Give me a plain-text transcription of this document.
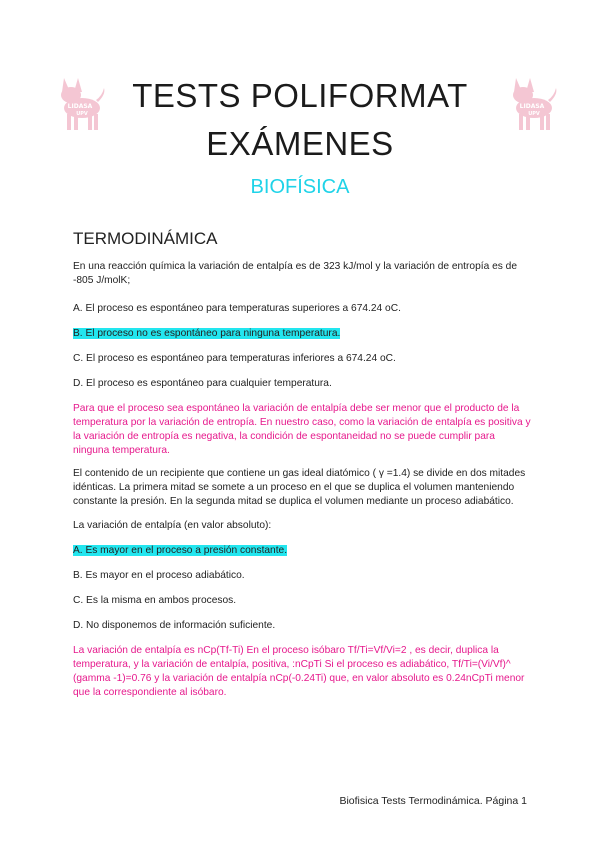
LIDASA
UPV
LIDASA
UPV
TESTS POLIFORMAT
EXÁMENES
BIOFÍSICA
TERMODINÁMICA

En una reacción química la variación de entalpía es de 323 kJ/mol y la variación de entropía es de -805 J/molK;

A. El proceso es espontáneo para temperaturas superiores a 674.24 oC.

B. El proceso no es espontáneo para ninguna temperatura.

C. El proceso es espontáneo para temperaturas inferiores a 674.24 oC.

D. El proceso es espontáneo para cualquier temperatura.

Para que el proceso sea espontáneo la variación de entalpía debe ser menor que el producto de la temperatura por la variación de entropía. En nuestro caso, como la variación de entalpía es positiva y la variación de entropía es negativa, la condición de espontaneidad no se puede cumplir para ninguna temperatura.

El contenido de un recipiente que contiene un gas ideal diatómico ( γ =1.4) se divide en dos mitades idénticas. La primera mitad se somete a un proceso en el que se duplica el volumen manteniendo constante la presión. En la segunda mitad se duplica el volumen mediante un proceso adiabático.

La variación de entalpía (en valor absoluto):

A. Es mayor en el proceso a presión constante.

B. Es mayor en el proceso adiabático.

C. Es la misma en ambos procesos.

D. No disponemos de información suficiente.

La variación de entalpía es nCp(Tf-Ti) En el proceso isóbaro Tf/Ti=Vf/Vi=2 , es decir, duplica la temperatura, y la variación de entalpía, positiva, :nCpTi Si el proceso es adiabático, Tf/Ti=(Vi/Vf)^ (gamma -1)=0.76 y la variación de entalpía nCp(-0.24Ti) que, en valor absoluto es 0.24nCpTi menor que la correspondiente al isóbaro.

Biofisica Tests Termodinámica. Página 1
